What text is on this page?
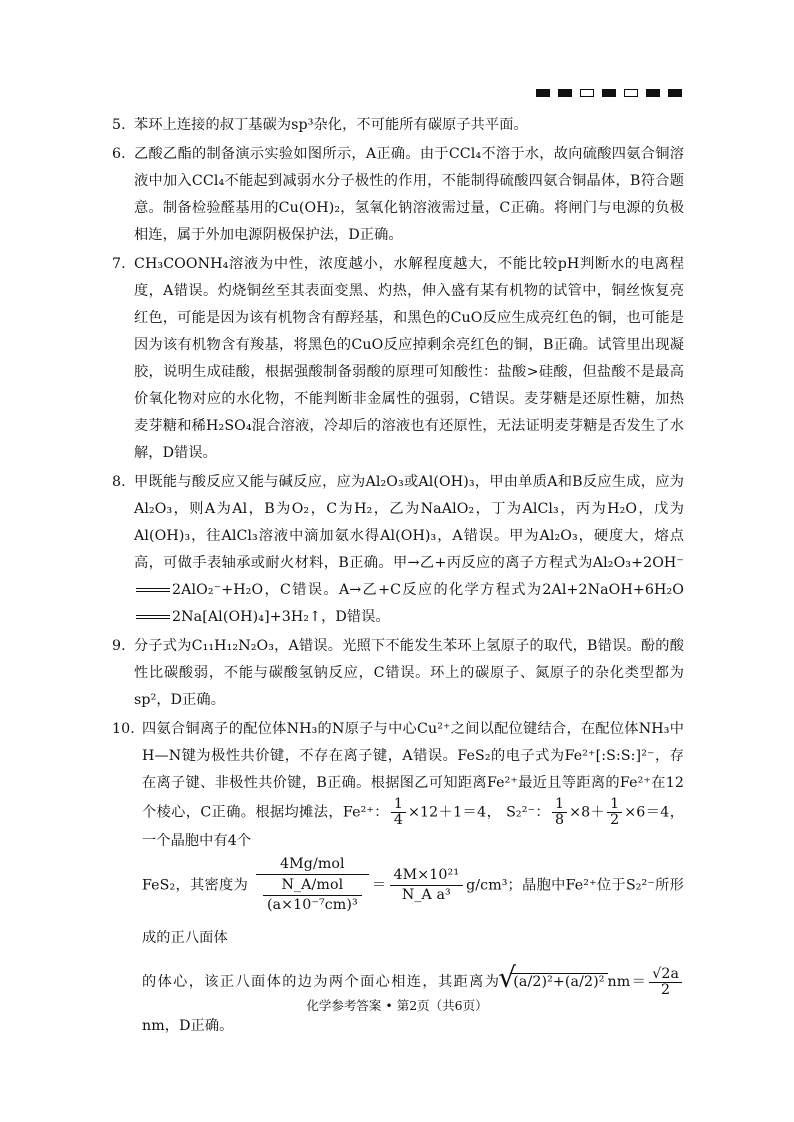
5. 苯环上连接的叔丁基碳为sp³杂化，不可能所有碳原子共平面。
6. 乙酸乙酯的制备演示实验如图所示，A正确。由于CCl₄不溶于水，故向硫酸四氨合铜溶液中加入CCl₄不能起到减弱水分子极性的作用，不能制得硫酸四氨合铜晶体，B符合题意。制备检验醛基用的Cu(OH)₂，氢氧化钠溶液需过量，C正确。将闸门与电源的负极相连，属于外加电源阴极保护法，D正确。
7. CH₃COONH₄溶液为中性，浓度越小，水解程度越大，不能比较pH判断水的电离程度，A错误。灼烧铜丝至其表面变黑、灼热，伸入盛有某有机物的试管中，铜丝恢复亮红色，可能是因为该有机物含有醇羟基，和黑色的CuO反应生成亮红色的铜，也可能是因为该有机物含有羧基，将黑色的CuO反应掉剩余亮红色的铜，B正确。试管里出现凝胶，说明生成硅酸，根据强酸制备弱酸的原理可知酸性：盐酸>硅酸，但盐酸不是最高价氧化物对应的水化物，不能判断非金属性的强弱，C错误。麦芽糖是还原性糖，加热麦芽糖和稀H₂SO₄混合溶液，冷却后的溶液也有还原性，无法证明麦芽糖是否发生了水解，D错误。
8. 甲既能与酸反应又能与碱反应，应为Al₂O₃或Al(OH)₃，甲由单质A和B反应生成，应为Al₂O₃，则A为Al，B为O₂，C为H₂，乙为NaAlO₂，丁为AlCl₃，丙为H₂O，戊为Al(OH)₃，往AlCl₃溶液中滴加氨水得Al(OH)₃，A错误。甲为Al₂O₃，硬度大，熔点高，可做手表轴承或耐火材料，B正确。甲→乙+丙反应的离子方程式为Al₂O₃+2OH⁻2AlO₂⁻+H₂O，C错误。A→乙+C反应的化学方程式为2Al+2NaOH+6H₂O2Na[Al(OH)₄]+3H₂↑，D错误。
9. 分子式为C₁₁H₁₂N₂O₃，A错误。光照下不能发生苯环上氢原子的取代，B错误。酚的酸性比碳酸弱，不能与碳酸氢钠反应，C错误。环上的碳原子、氮原子的杂化类型都为sp²，D正确。
10. 四氨合铜离子的配位体NH₃的N原子与中心Cu²⁺之间以配位键结合，在配位体NH₃中H—N键为极性共价键，不存在离子键，A错误。FeS₂的电子式为Fe²⁺[:S:S:]²⁻，存在离子键、非极性共价键，B正确。根据图乙可知距离Fe²⁺最近且等距离的Fe²⁺在12个棱心，C正确。根据均摊法，Fe²⁺： $\frac{1}{4} \times 12+1=4$， S₂²⁻： $\frac{1}{8} \times 8+ \frac{1}{2} \times 6=4$，一个晶胞中有4个
FeS₂，其密度为 $\frac{\text{4Mg/mol}}{\frac{\text{N\_A/mol}}{\text{(a×10⁻⁷cm)³}}} = \frac{\text{4M×10²¹}}{\text{N\_A a³}} g/cm^3$；晶胞中Fe²⁺位于S₂²⁻所形成的正八面体
的体心，该正八面体的边为两个面心相连，其距离为√ (a/2)²+(a/2)² $nm= \frac{√2a}{2}$
nm，D正确。
化学参考答案 • 第2页（共6页）
